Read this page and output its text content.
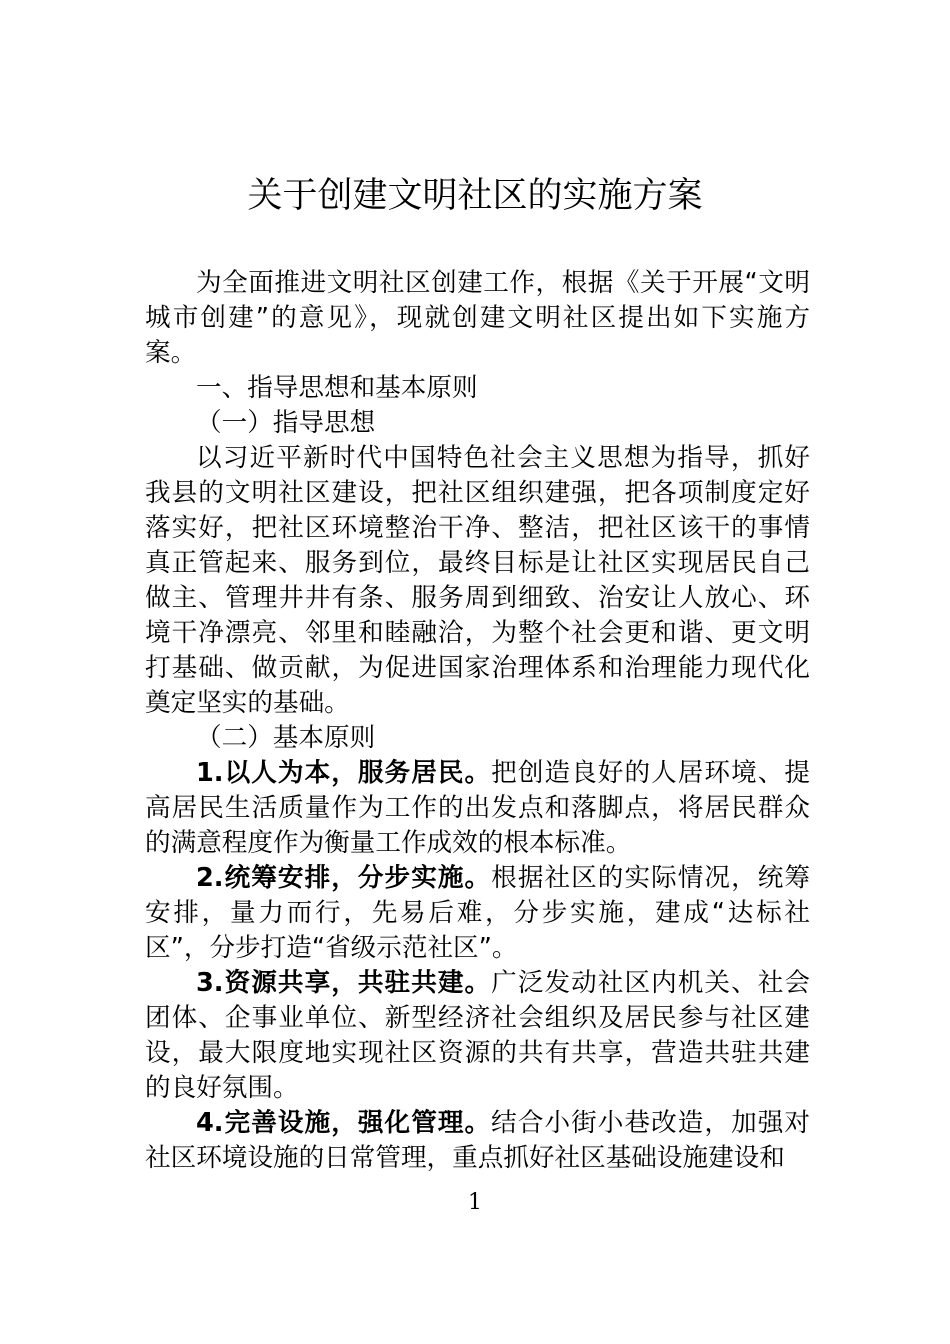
关于创建文明社区的实施方案

为全面推进文明社区创建工作，根据《关于开展“文明城市创建”的意见》，现就创建文明社区提出如下实施方案。

一、指导思想和基本原则

（一）指导思想

以习近平新时代中国特色社会主义思想为指导，抓好我县的文明社区建设，把社区组织建强，把各项制度定好落实好，把社区环境整治干净、整洁，把社区该干的事情真正管起来、服务到位，最终目标是让社区实现居民自己做主、管理井井有条、服务周到细致、治安让人放心、环境干净漂亮、邻里和睦融洽，为整个社会更和谐、更文明打基础、做贡献，为促进国家治理体系和治理能力现代化奠定坚实的基础。

（二）基本原则

1.以人为本，服务居民。把创造良好的人居环境、提高居民生活质量作为工作的出发点和落脚点，将居民群众的满意程度作为衡量工作成效的根本标准。

2.统筹安排，分步实施。根据社区的实际情况，统筹安排，量力而行，先易后难，分步实施，建成“达标社区”，分步打造“省级示范社区”。

3.资源共享，共驻共建。广泛发动社区内机关、社会团体、企事业单位、新型经济社会组织及居民参与社区建设，最大限度地实现社区资源的共有共享，营造共驻共建的良好氛围。

4.完善设施，强化管理。结合小街小巷改造，加强对社区环境设施的日常管理，重点抓好社区基础设施建设和

1
